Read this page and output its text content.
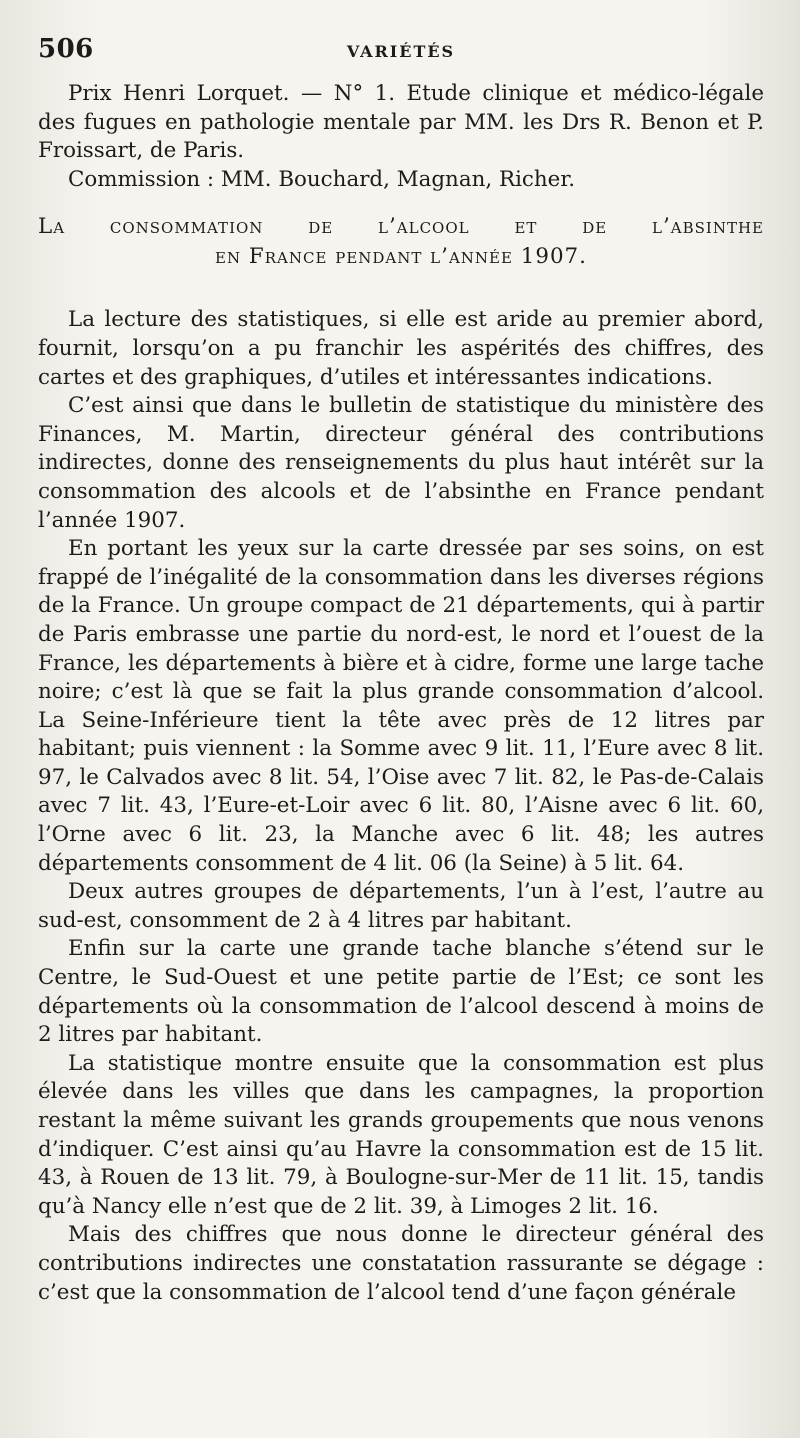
506	VARIÉTÉS

Prix Henri Lorquet. — N° 1. Etude clinique et médico-légale des fugues en pathologie mentale par MM. les Drs R. Benon et P. Froissart, de Paris.

Commission : MM. Bouchard, Magnan, Richer.

La consommation de l’alcool et de l’absinthe
en France pendant l’année 1907.

La lecture des statistiques, si elle est aride au premier abord, fournit, lorsqu’on a pu franchir les aspérités des chiffres, des cartes et des graphiques, d’utiles et intéressantes indications.

C’est ainsi que dans le bulletin de statistique du ministère des Finances, M. Martin, directeur général des contributions indirectes, donne des renseignements du plus haut intérêt sur la consommation des alcools et de l’absinthe en France pendant l’année 1907.

En portant les yeux sur la carte dressée par ses soins, on est frappé de l’inégalité de la consommation dans les diverses régions de la France. Un groupe compact de 21 départements, qui à partir de Paris embrasse une partie du nord-est, le nord et l’ouest de la France, les départements à bière et à cidre, forme une large tache noire; c’est là que se fait la plus grande consommation d’alcool. La Seine-Inférieure tient la tête avec près de 12 litres par habitant; puis viennent : la Somme avec 9 lit. 11, l’Eure avec 8 lit. 97, le Calvados avec 8 lit. 54, l’Oise avec 7 lit. 82, le Pas-de-Calais avec 7 lit. 43, l’Eure-et-Loir avec 6 lit. 80, l’Aisne avec 6 lit. 60, l’Orne avec 6 lit. 23, la Manche avec 6 lit. 48; les autres départements consomment de 4 lit. 06 (la Seine) à 5 lit. 64.

Deux autres groupes de départements, l’un à l’est, l’autre au sud-est, consomment de 2 à 4 litres par habitant.

Enfin sur la carte une grande tache blanche s’étend sur le Centre, le Sud-Ouest et une petite partie de l’Est; ce sont les départements où la consommation de l’alcool descend à moins de 2 litres par habitant.

La statistique montre ensuite que la consommation est plus élevée dans les villes que dans les campagnes, la proportion restant la même suivant les grands groupements que nous venons d’indiquer. C’est ainsi qu’au Havre la consommation est de 15 lit. 43, à Rouen de 13 lit. 79, à Boulogne-sur-Mer de 11 lit. 15, tandis qu’à Nancy elle n’est que de 2 lit. 39, à Limoges 2 lit. 16.

Mais des chiffres que nous donne le directeur général des contributions indirectes une constatation rassurante se dégage : c’est que la consommation de l’alcool tend d’une façon générale
